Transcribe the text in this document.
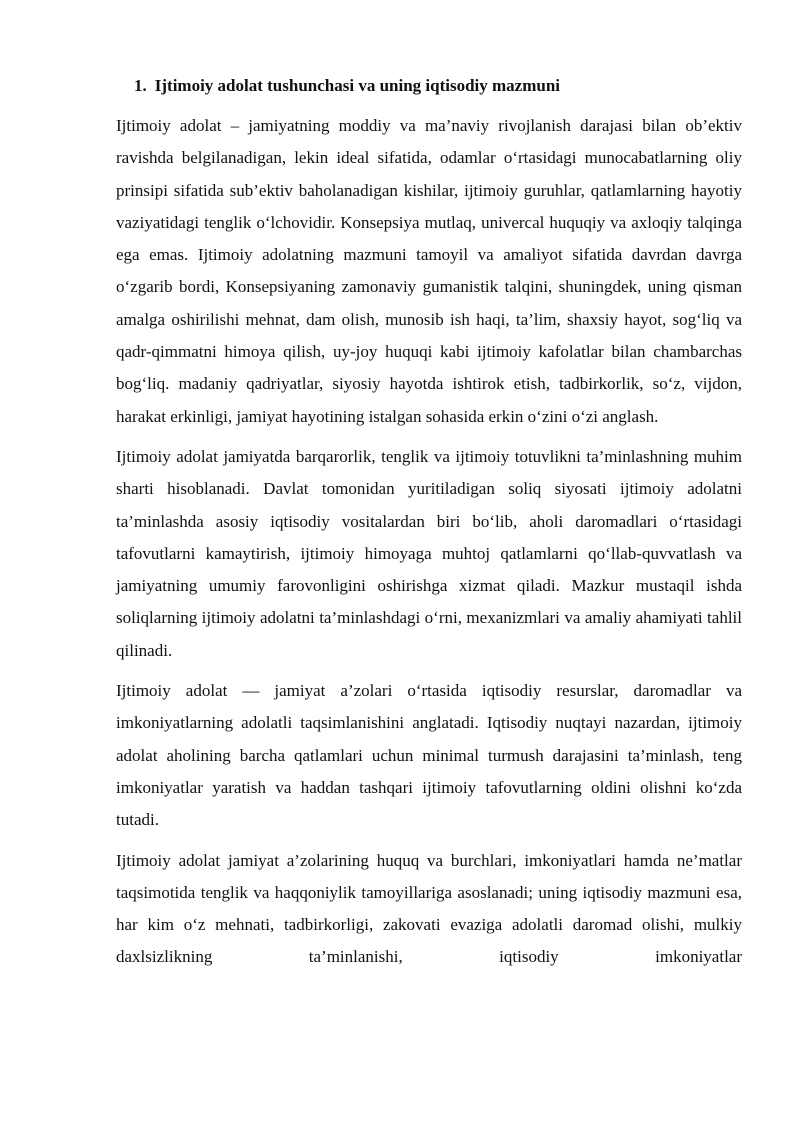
1. Ijtimoiy adolat tushunchasi va uning iqtisodiy mazmuni

Ijtimoiy adolat – jamiyatning moddiy va ma’naviy rivojlanish darajasi bilan ob’ektiv ravishda belgilanadigan, lekin ideal sifatida, odamlar o‘rtasidagi munocabatlarning oliy prinsipi sifatida sub’ektiv baholanadigan kishilar, ijtimoiy guruhlar, qatlamlarning hayotiy vaziyatidagi tenglik o‘lchovidir. Konsepsiya mutlaq, univercal huquqiy va axloqiy talqinga ega emas. Ijtimoiy adolatning mazmuni tamoyil va amaliyot sifatida davrdan davrga o‘zgarib bordi, Konsepsiyaning zamonaviy gumanistik talqini, shuningdek, uning qisman amalga oshirilishi mehnat, dam olish, munosib ish haqi, ta’lim, shaxsiy hayot, sog‘liq va qadr-qimmatni himoya qilish, uy-joy huquqi kabi ijtimoiy kafolatlar bilan chambarchas bog‘liq. madaniy qadriyatlar, siyosiy hayotda ishtirok etish, tadbirkorlik, so‘z, vijdon, harakat erkinligi, jamiyat hayotining istalgan sohasida erkin o‘zini o‘zi anglash.

Ijtimoiy adolat jamiyatda barqarorlik, tenglik va ijtimoiy totuvlikni ta’minlashning muhim sharti hisoblanadi. Davlat tomonidan yuritiladigan soliq siyosati ijtimoiy adolatni ta’minlashda asosiy iqtisodiy vositalardan biri bo‘lib, aholi daromadlari o‘rtasidagi tafovutlarni kamaytirish, ijtimoiy himoyaga muhtoj qatlamlarni qo‘llab-quvvatlash va jamiyatning umumiy farovonligini oshirishga xizmat qiladi. Mazkur mustaqil ishda soliqlarning ijtimoiy adolatni ta’minlashdagi o‘rni, mexanizmlari va amaliy ahamiyati tahlil qilinadi.

Ijtimoiy adolat — jamiyat a’zolari o‘rtasida iqtisodiy resurslar, daromadlar va imkoniyatlarning adolatli taqsimlanishini anglatadi. Iqtisodiy nuqtayi nazardan, ijtimoiy adolat aholining barcha qatlamlari uchun minimal turmush darajasini ta’minlash, teng imkoniyatlar yaratish va haddan tashqari ijtimoiy tafovutlarning oldini olishni ko‘zda tutadi.

Ijtimoiy adolat jamiyat a’zolarining huquq va burchlari, imkoniyatlari hamda ne’matlar taqsimotida tenglik va haqqoniylik tamoyillariga asoslanadi; uning iqtisodiy mazmuni esa, har kim o‘z mehnati, tadbirkorligi, zakovati evaziga adolatli daromad olishi, mulkiy daxlsizlikning ta’minlanishi, iqtisodiy imkoniyatlar
